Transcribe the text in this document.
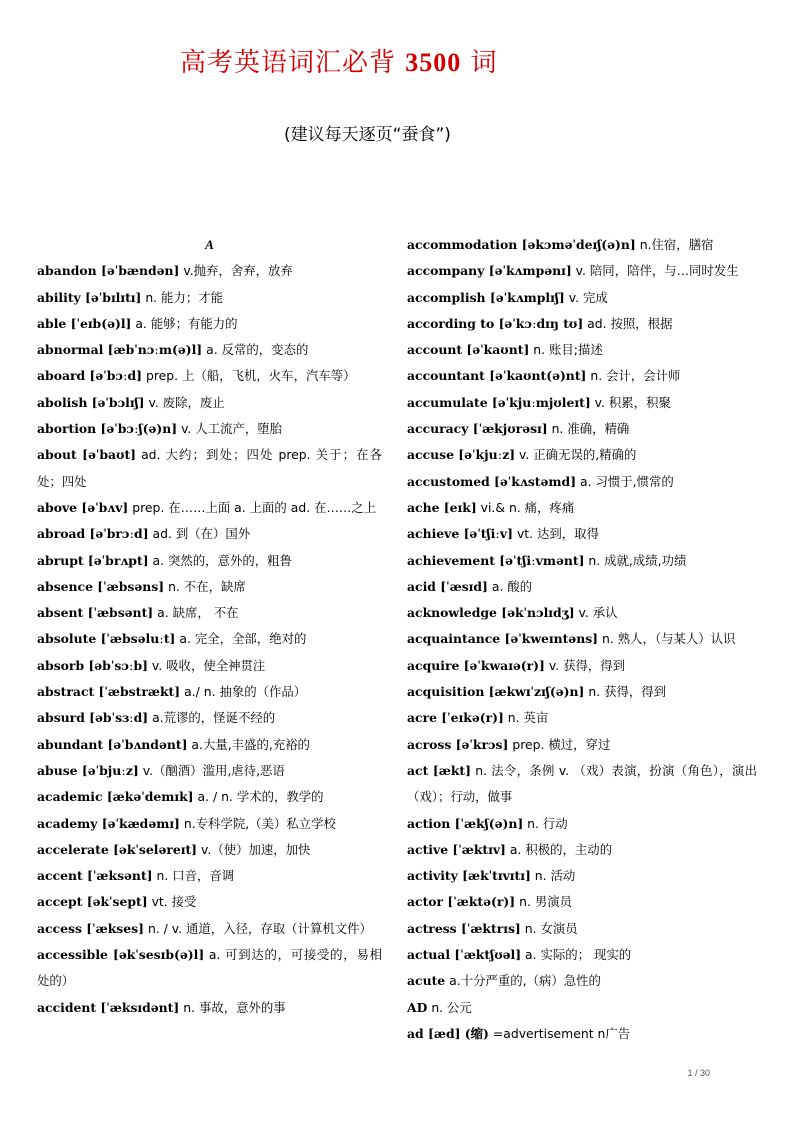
高考英语词汇必背 3500 词
(建议每天逐页“蚕食”)
A
abandon [əˈbændən] v.抛弃，舍弃，放弃
ability [əˈbɪlɪtɪ] n. 能力；才能
able [ˈeɪb(ə)l] a. 能够；有能力的
abnormal [æbˈnɔːm(ə)l] a. 反常的，变态的
aboard [əˈbɔːd] prep. 上（船，飞机，火车，汽车等）
abolish [əˈbɔlɪʃ] v. 废除，废止
abortion [əˈbɔːʃ(ə)n] v. 人工流产，堕胎
about [əˈbaʊt] ad. 大约；到处；四处 prep. 关于；在各处；四处
above [əˈbʌv] prep. 在……上面 a. 上面的 ad. 在……之上
abroad [əˈbrɔːd] ad. 到（在）国外
abrupt [əˈbrʌpt] a. 突然的，意外的，粗鲁
absence [ˈæbsəns] n. 不在，缺席
absent [ˈæbsənt] a. 缺席， 不在
absolute [ˈæbsəluːt] a. 完全，全部，绝对的
absorb [əbˈsɔːb] v. 吸收，使全神贯注
abstract [ˈæbstrækt] a./ n. 抽象的（作品）
absurd [əbˈsɜːd] a.荒谬的，怪诞不经的
abundant [əˈbʌndənt] a.大量,丰盛的,充裕的
abuse [əˈbjuːz] v.（酗酒）滥用,虐待,恶语
academic [ækəˈdemɪk] a. / n. 学术的，教学的
academy [əˈkædəmɪ] n.专科学院,（美）私立学校
accelerate [əkˈseləreɪt] v.（使）加速，加快
accent [ˈæksənt] n. 口音，音调
accept [əkˈsept] vt. 接受
access [ˈækses] n. / v. 通道，入径，存取（计算机文件）
accessible [əkˈsesɪb(ə)l] a. 可到达的，可接受的，易相处的）
accident [ˈæksɪdənt] n. 事故，意外的事
accommodation [əkɔməˈdeɪʃ(ə)n] n.住宿，膳宿
accompany [əˈkʌmpənɪ] v. 陪同，陪伴，与…同时发生
accomplish [əˈkʌmplɪʃ] v. 完成
according to [əˈkɔːdɪŋ tʊ] ad. 按照，根据
account [əˈkaʊnt] n. 账目;描述
accountant [əˈkaʊnt(ə)nt] n. 会计，会计师
accumulate [əˈkjuːmjʊleɪt] v. 积累，积聚
accuracy [ˈækjʊrəsɪ] n. 准确，精确
accuse [əˈkjuːz] v. 正确无误的,精确的
accustomed [əˈkʌstəmd] a. 习惯于,惯常的
ache [eɪk] vi.& n. 痛，疼痛
achieve [əˈtʃiːv] vt. 达到，取得
achievement [əˈtʃiːvmənt] n. 成就,成绩,功绩
acid [ˈæsɪd] a. 酸的
acknowledge [əkˈnɔlɪdʒ] v. 承认
acquaintance [əˈkweɪntəns] n. 熟人，（与某人）认识
acquire [əˈkwaɪə(r)] v. 获得，得到
acquisition [ækwɪˈzɪʃ(ə)n] n. 获得，得到
acre [ˈeɪkə(r)] n. 英亩
across [əˈkrɔs] prep. 横过，穿过
act [ækt] n. 法令，条例 v. （戏）表演，扮演（角色），演出（戏）；行动，做事
action [ˈækʃ(ə)n] n. 行动
active [ˈæktɪv] a. 积极的，主动的
activity [ækˈtɪvɪtɪ] n. 活动
actor [ˈæktə(r)] n. 男演员
actress [ˈæktrɪs] n. 女演员
actual [ˈæktʃʊəl] a. 实际的； 现实的
acute a.十分严重的,（病）急性的
AD n. 公元
ad [æd] (缩) =advertisement n广告
1 / 30
